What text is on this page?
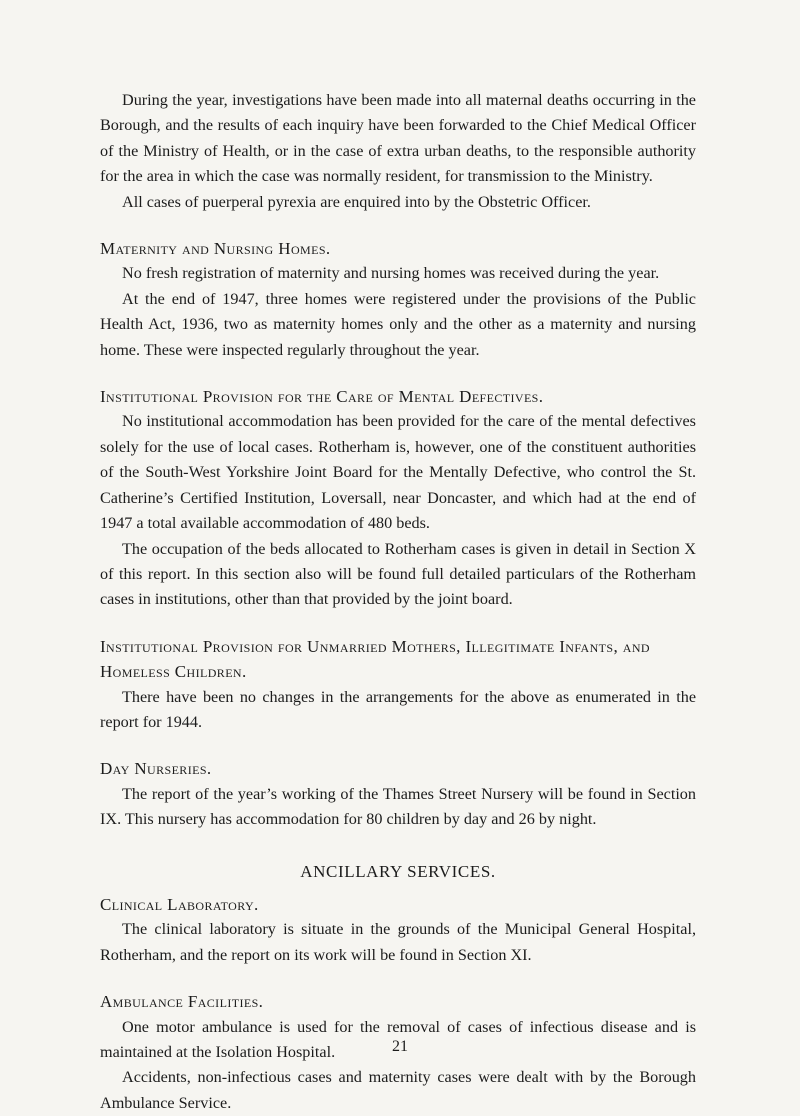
During the year, investigations have been made into all maternal deaths occurring in the Borough, and the results of each inquiry have been forwarded to the Chief Medical Officer of the Ministry of Health, or in the case of extra urban deaths, to the responsible authority for the area in which the case was normally resident, for transmission to the Ministry.

All cases of puerperal pyrexia are enquired into by the Obstetric Officer.

Maternity and Nursing Homes.

No fresh registration of maternity and nursing homes was received during the year.

At the end of 1947, three homes were registered under the provisions of the Public Health Act, 1936, two as maternity homes only and the other as a maternity and nursing home. These were inspected regularly throughout the year.

Institutional Provision for the Care of Mental Defectives.

No institutional accommodation has been provided for the care of the mental defectives solely for the use of local cases. Rotherham is, however, one of the constituent authorities of the South-West Yorkshire Joint Board for the Mentally Defective, who control the St. Catherine’s Certified Institution, Loversall, near Doncaster, and which had at the end of 1947 a total available accommodation of 480 beds.

The occupation of the beds allocated to Rotherham cases is given in detail in Section X of this report. In this section also will be found full detailed particulars of the Rotherham cases in institutions, other than that provided by the joint board.

Institutional Provision for Unmarried Mothers, Illegitimate Infants, and Homeless Children.

There have been no changes in the arrangements for the above as enumerated in the report for 1944.

Day Nurseries.

The report of the year’s working of the Thames Street Nursery will be found in Section IX. This nursery has accommodation for 80 children by day and 26 by night.

ANCILLARY SERVICES.
Clinical Laboratory.

The clinical laboratory is situate in the grounds of the Municipal General Hospital, Rotherham, and the report on its work will be found in Section XI.

Ambulance Facilities.

One motor ambulance is used for the removal of cases of infectious disease and is maintained at the Isolation Hospital.

Accidents, non-infectious cases and maternity cases were dealt with by the Borough Ambulance Service.

21
